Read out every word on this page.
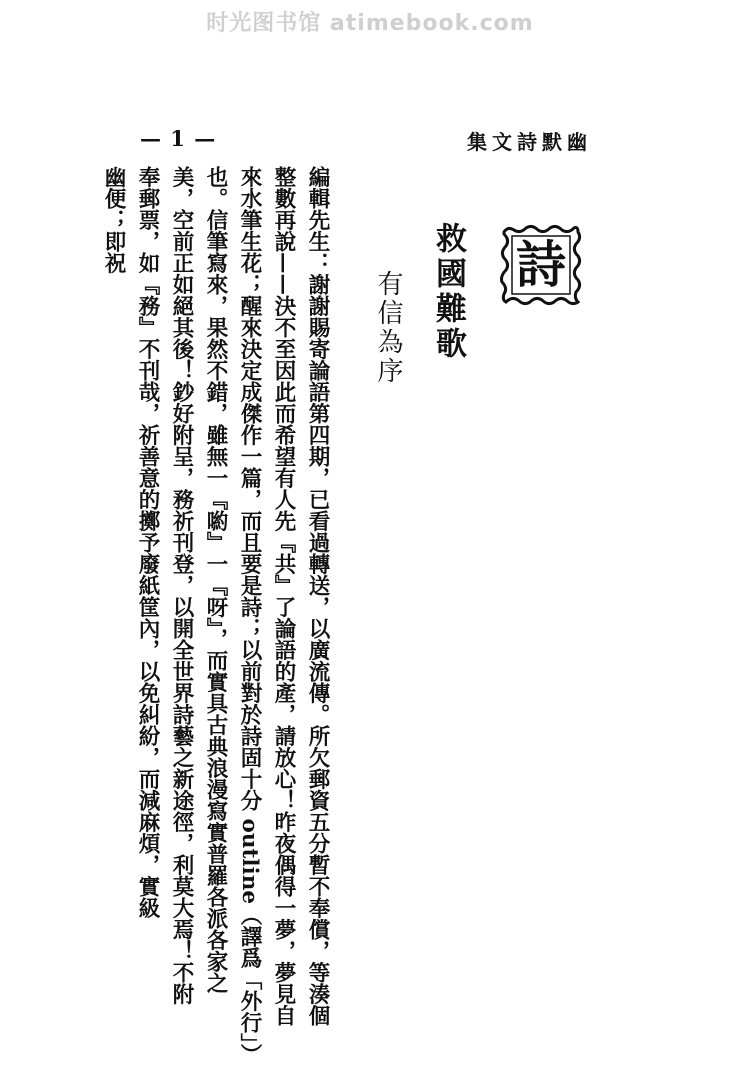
时光图书馆 atimebook.com
— 1 —	幽默詩文集
詩
救國難歌
有信為序
編輯先生：謝謝賜寄論語第四期，已看過轉送，以廣流傳。所欠郵資五分暫不奉償，等湊個
整數再說——決不至因此而希望有人先『共』了論語的產，請放心！昨夜偶得一夢，夢見自
來水筆生花；醒來決定成傑作一篇，而且要是詩；以前對於詩固十分 outline（譯爲「外行」）
也。信筆寫來，果然不錯，雖無一『喲』一『呀』，而實具古典浪漫寫實普羅各派各家之
美，空前正如絕其後！鈔好附呈，務祈刊登，以開全世界詩藝之新途徑，利莫大焉！不附
奉郵票，如『務』不刊哉，祈善意的擲予廢紙筐內，以免糾紛，而減麻煩，實級
幽便；即祝
